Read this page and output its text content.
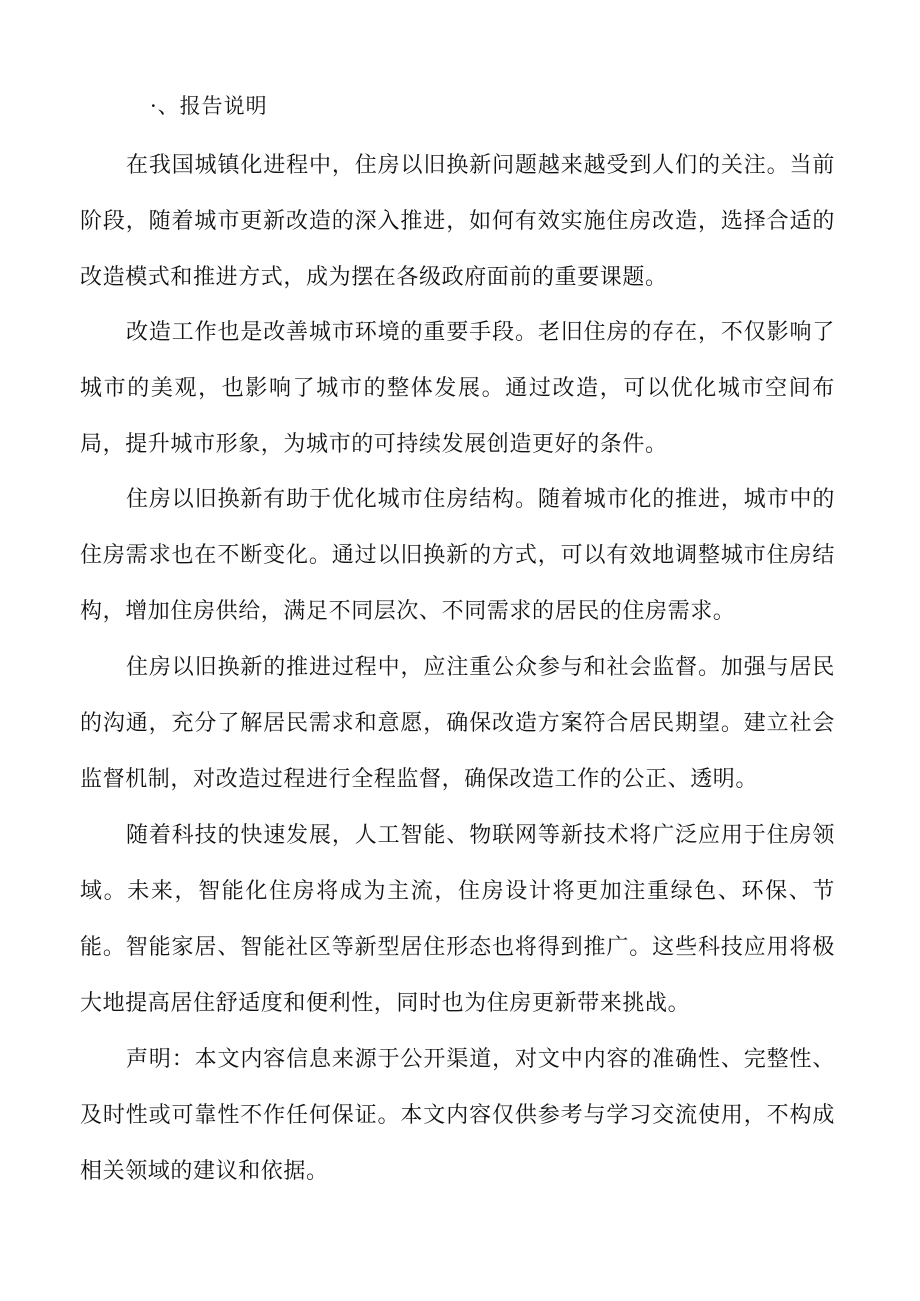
·、报告说明

在我国城镇化进程中，住房以旧换新问题越来越受到人们的关注。当前阶段，随着城市更新改造的深入推进，如何有效实施住房改造，选择合适的改造模式和推进方式，成为摆在各级政府面前的重要课题。

改造工作也是改善城市环境的重要手段。老旧住房的存在，不仅影响了城市的美观，也影响了城市的整体发展。通过改造，可以优化城市空间布局，提升城市形象，为城市的可持续发展创造更好的条件。

住房以旧换新有助于优化城市住房结构。随着城市化的推进，城市中的住房需求也在不断变化。通过以旧换新的方式，可以有效地调整城市住房结构，增加住房供给，满足不同层次、不同需求的居民的住房需求。

住房以旧换新的推进过程中，应注重公众参与和社会监督。加强与居民的沟通，充分了解居民需求和意愿，确保改造方案符合居民期望。建立社会监督机制，对改造过程进行全程监督，确保改造工作的公正、透明。

随着科技的快速发展，人工智能、物联网等新技术将广泛应用于住房领域。未来，智能化住房将成为主流，住房设计将更加注重绿色、环保、节能。智能家居、智能社区等新型居住形态也将得到推广。这些科技应用将极大地提高居住舒适度和便利性，同时也为住房更新带来挑战。

声明：本文内容信息来源于公开渠道，对文中内容的准确性、完整性、及时性或可靠性不作任何保证。本文内容仅供参考与学习交流使用，不构成相关领域的建议和依据。
